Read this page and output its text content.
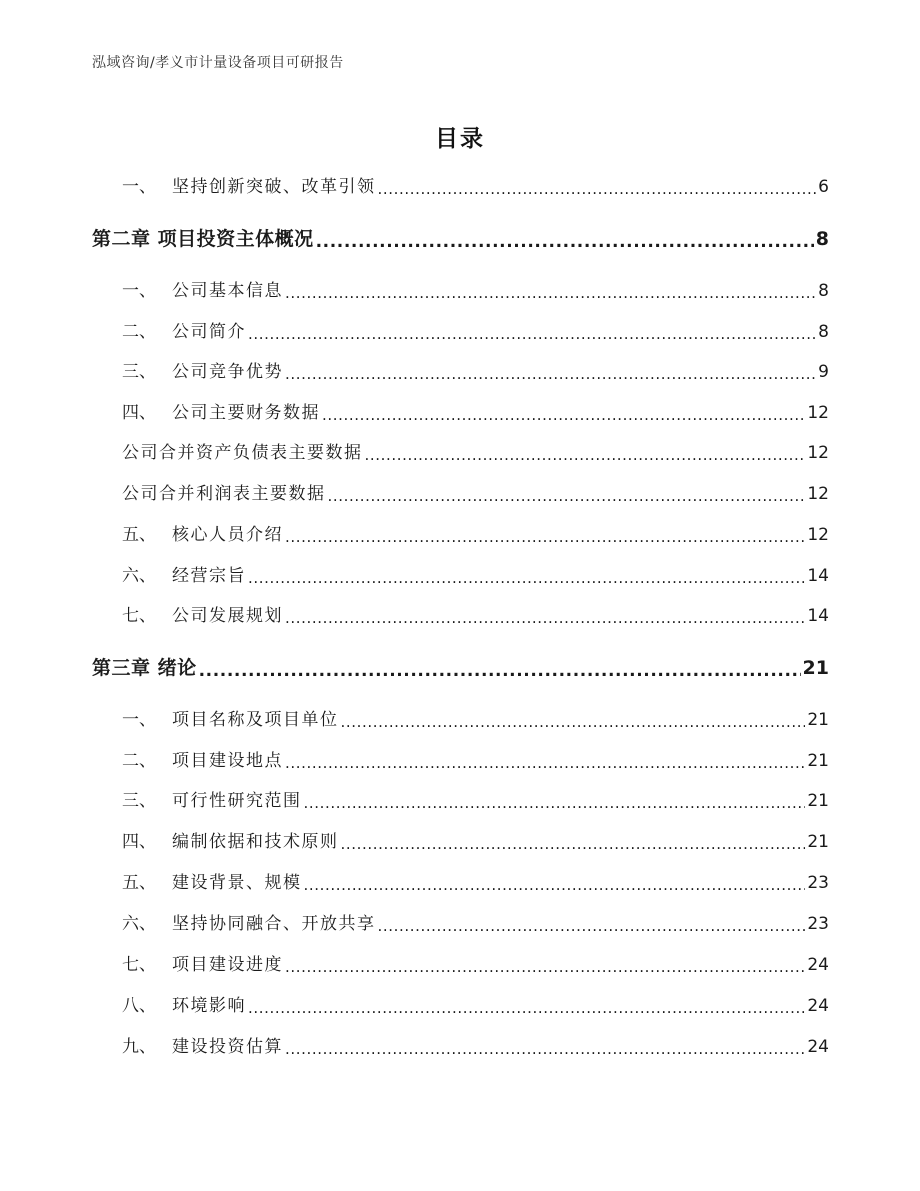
泓域咨询/孝义市计量设备项目可研报告
目录
一、 坚持创新突破、改革引领 .....	6
第二章 项目投资主体概况 .....	8
一、 公司基本信息 .....	8
二、 公司简介 .....	8
三、 公司竞争优势 .....	9
四、 公司主要财务数据 .....	12
公司合并资产负债表主要数据 .....	12
公司合并利润表主要数据 .....	12
五、 核心人员介绍 .....	12
六、 经营宗旨 .....	14
七、 公司发展规划 .....	14
第三章 绪论 .....	21
一、 项目名称及项目单位 .....	21
二、 项目建设地点 .....	21
三、 可行性研究范围 .....	21
四、 编制依据和技术原则 .....	21
五、 建设背景、规模 .....	23
六、 坚持协同融合、开放共享 .....	23
七、 项目建设进度 .....	24
八、 环境影响 .....	24
九、 建设投资估算 .....	24
